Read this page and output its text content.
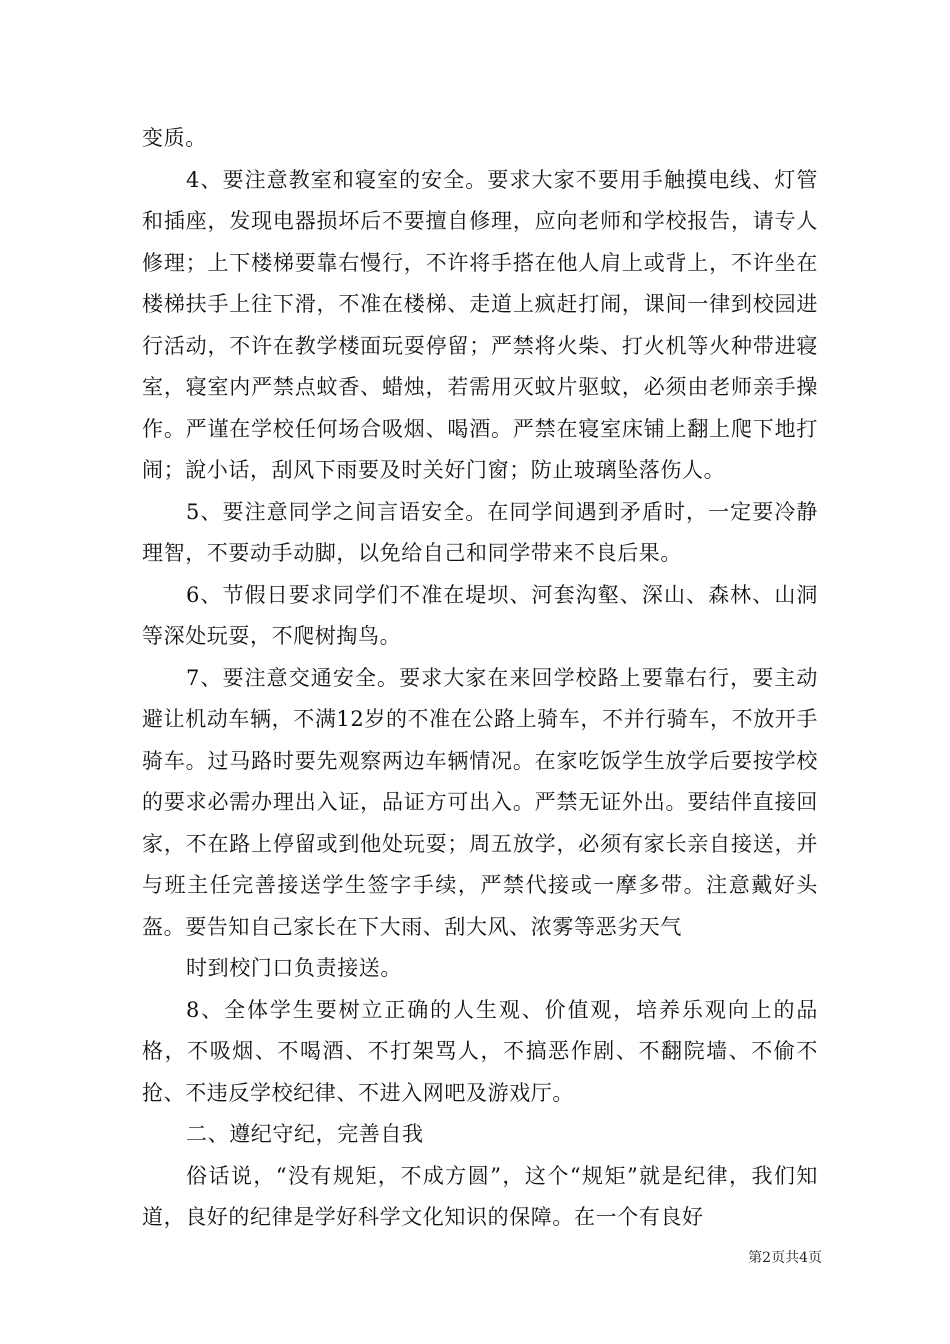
变质。

4、要注意教室和寝室的安全。要求大家不要用手触摸电线、灯管和插座，发现电器损坏后不要擅自修理，应向老师和学校报告，请专人修理；上下楼梯要靠右慢行，不许将手搭在他人肩上或背上，不许坐在楼梯扶手上往下滑，不准在楼梯、走道上疯赶打闹，课间一律到校园进行活动，不许在教学楼面玩耍停留；严禁将火柴、打火机等火种带进寝室，寝室内严禁点蚊香、蜡烛，若需用灭蚊片驱蚊，必须由老师亲手操作。严谨在学校任何场合吸烟、喝酒。严禁在寝室床铺上翻上爬下地打闹；說小话，刮风下雨要及时关好门窗；防止玻璃坠落伤人。

5、要注意同学之间言语安全。在同学间遇到矛盾时，一定要冷静理智，不要动手动脚，以免给自己和同学带来不良后果。

6、节假日要求同学们不准在堤坝、河套沟壑、深山、森林、山洞等深处玩耍，不爬树掏鸟。

7、要注意交通安全。要求大家在来回学校路上要靠右行，要主动避让机动车辆，不满12岁的不准在公路上骑车，不并行骑车，不放开手骑车。过马路时要先观察两边车辆情况。在家吃饭学生放学后要按学校的要求必需办理出入证，品证方可出入。严禁无证外出。要结伴直接回家，不在路上停留或到他处玩耍；周五放学，必须有家长亲自接送，并与班主任完善接送学生签字手续，严禁代接或一摩多带。注意戴好头盔。要告知自己家长在下大雨、刮大风、浓雾等恶劣天气

时到校门口负责接送。

8、全体学生要树立正确的人生观、价值观，培养乐观向上的品格，不吸烟、不喝酒、不打架骂人，不搞恶作剧、不翻院墙、不偷不抢、不违反学校纪律、不进入网吧及游戏厅。

二、遵纪守纪，完善自我

俗话说，“没有规矩，不成方圆”，这个“规矩”就是纪律，我们知道，良好的纪律是学好科学文化知识的保障。在一个有良好

第2页共4页
